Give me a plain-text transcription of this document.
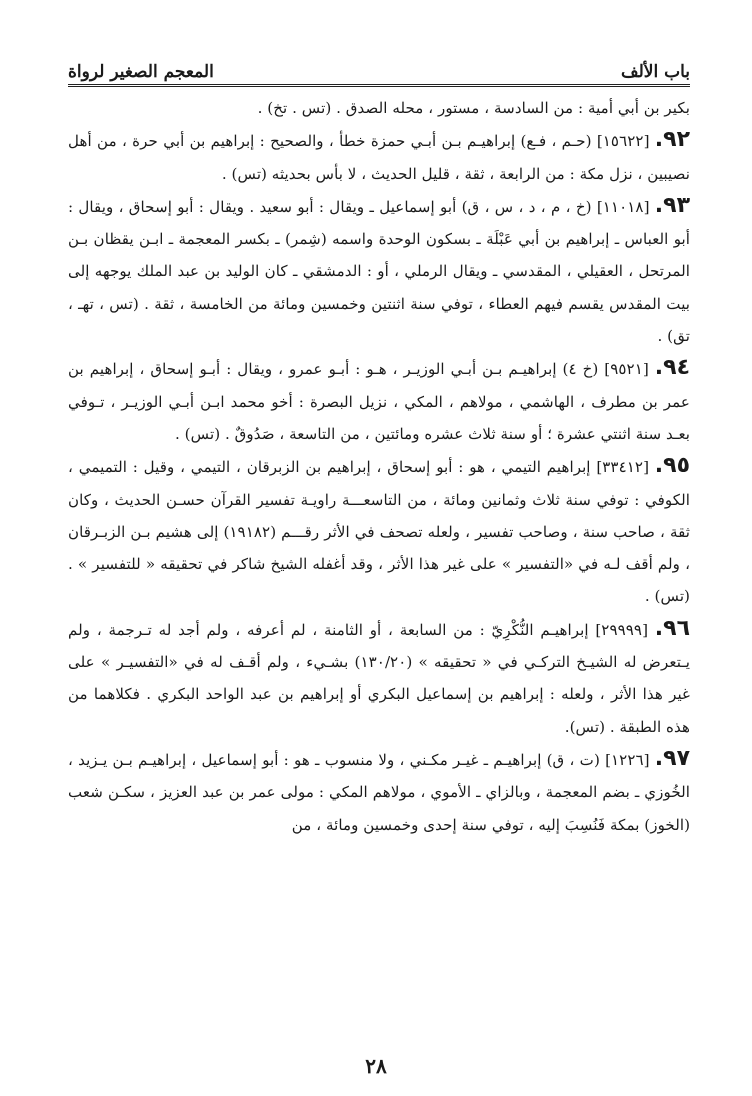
باب الألف
المعجم الصغير لرواة

بكير بن أبي أمية : من السادسة ، مستور ، محله الصدق . (تس . تخ) .

٩٢. [١٥٦٢٢] (حـم ، فـع) إبراهيـم بـن أبـي حمزة خطأ ، والصحيح : إبراهيم بن أبي حرة ، من أهل نصيبين ، نزل مكة : من الرابعة ، ثقة ، قليل الحديث ، لا بأس بحديثه (تس) .

٩٣. [١١٠١٨] (خ ، م ، د ، س ، ق) أبو إسماعيل ـ ويقال : أبو سعيد . ويقال : أبو إسحاق ، ويقال : أبو العباس ـ إبراهيم بن أبي عَبْلَة ـ بسكون الوحدة واسمه (شِمر) ـ بكسر المعجمة ـ ابـن يقظان بـن المرتحل ، العقيلي ، المقدسي ـ ويقال الرملي ، أو : الدمشقي ـ كان الوليد بن عبد الملك يوجهه إلى بيت المقدس يقسم فيهم العطاء ، توفي سنة اثنتين وخمسين ومائة من الخامسة ، ثقة . (تس ، تهـ ، تق) .

٩٤. [٩٥٢١] (خ ٤) إبراهيـم بـن أبـي الوزيـر ، هـو : أبـو عمرو ، ويقال : أبـو إسحاق ، إبراهيم بن عمر بن مطرف ، الهاشمي ، مولاهم ، المكي ، نزيل البصرة : أخو محمد ابـن أبـي الوزيـر ، تـوفي بعـد سنة اثنتي عشرة ؛ أو سنة ثلاث عشره ومائتين ، من التاسعة ، صَدُوقٌ . (تس) .

٩٥. [٣٣٤١٢] إبراهيم التيمي ، هو : أبو إسحاق ، إبراهيم بن الزبرقان ، التيمي ، وقيل : التميمي ، الكوفي : توفي سنة ثلاث وثمانين ومائة ، من التاسعـــة راويـة تفسير القرآن حسـن الحديث ، وكان ثقة ، صاحب سنة ، وصاحب تفسير ، ولعله تصحف في الأثر رقـــم (١٩١٨٢) إلى هشيم بـن الزبـرقان ، ولم أقف لـه في «التفسير » على غير هذا الأثر ، وقد أغفله الشيخ شاكر في تحقيقه « للتفسير » . (تس) .

٩٦. [٢٩٩٩٩] إبراهيـم النُّكْرِيّ : من السابعة ، أو الثامنة ، لم أعرفه ، ولم أجد له تـرجمة ، ولم يـتعرض له الشيـخ التركـي في « تحقيقه » (١٣٠/٢٠) بشـيء ، ولم أقـف له في «التفسيـر » على غير هذا الأثر ، ولعله : إبراهيم بن إسماعيل البكري أو إبراهيم بن عبد الواحد البكري . فكلاهما من هذه الطبقة . (تس).

٩٧. [١٢٢٦] (ت ، ق) إبراهيـم ـ غيـر مكـني ، ولا منسوب ـ هو : أبو إسماعيل ، إبراهيـم بـن يـزيد ، الخُوزي ـ بضم المعجمة ، وبالزاي ـ الأموي ، مولاهم المكي : مولى عمر بن عبد العزيز ، سكـن شعب (الخوز) بمكة فَنُسِبَ إليه ، توفي سنة إحدى وخمسين ومائة ، من

٢٨
